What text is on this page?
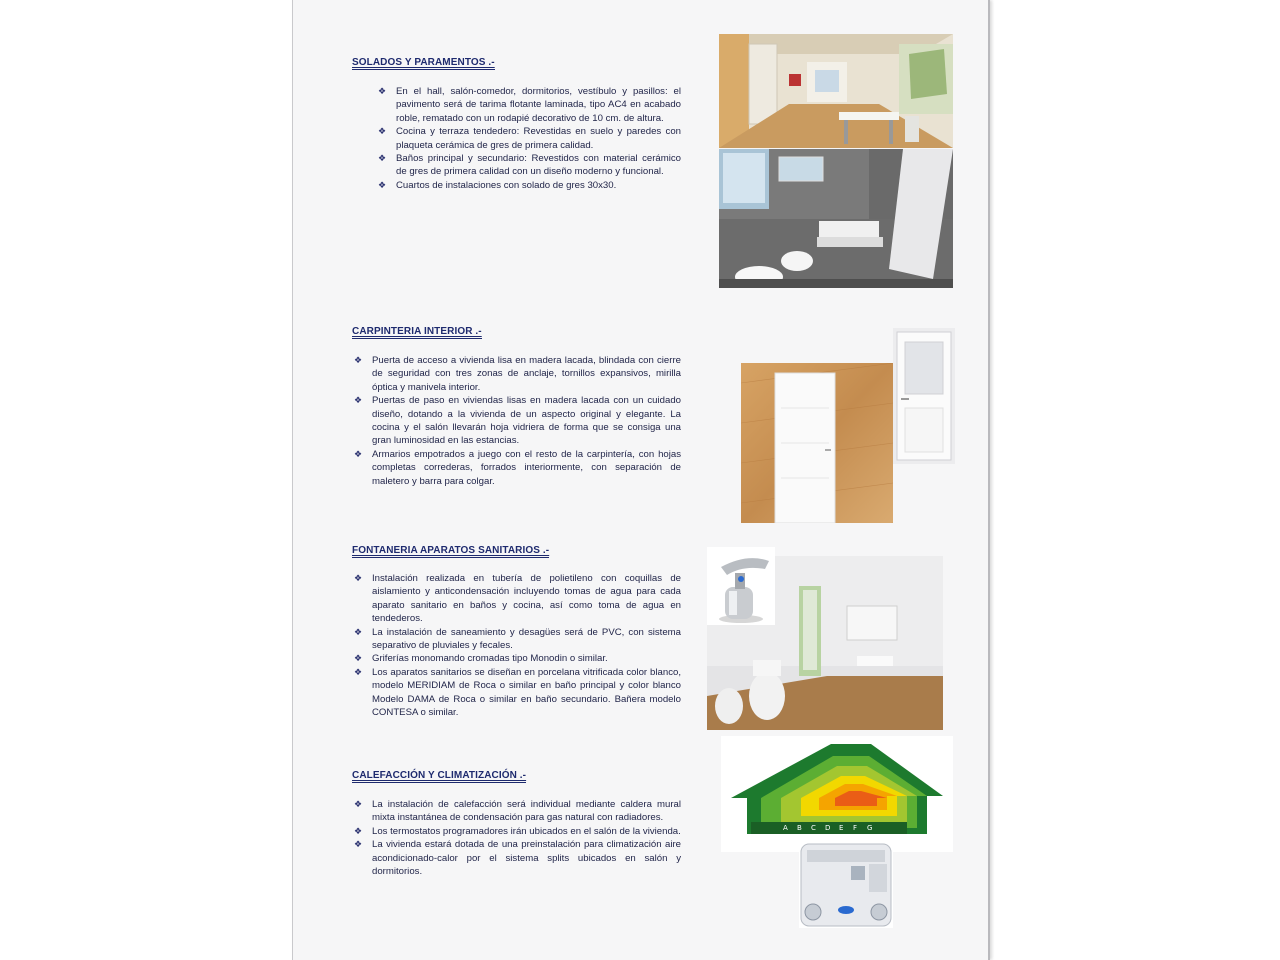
SOLADOS Y PARAMENTOS .-
❖ En el hall, salón-comedor, dormitorios, vestíbulo y pasillos: el pavimento será de tarima flotante laminada, tipo AC4 en acabado roble, rematado con un rodapié decorativo de 10 cm. de altura.
❖ Cocina y terraza tendedero: Revestidas en suelo y paredes con plaqueta cerámica de gres de primera calidad.
❖ Baños principal y secundario: Revestidos con material cerámico de gres de primera calidad con un diseño moderno y funcional.
❖ Cuartos de instalaciones con solado de gres 30x30.
CARPINTERIA INTERIOR .-
❖ Puerta de acceso a vivienda lisa en madera lacada, blindada con cierre de seguridad con tres zonas de anclaje, tornillos expansivos, mirilla óptica y manivela interior.
❖ Puertas de paso en viviendas lisas en madera lacada con un cuidado diseño, dotando a la vivienda de un aspecto original y elegante. La cocina y el salón llevarán hoja vidriera de forma que se consiga una gran luminosidad en las estancias.
❖ Armarios empotrados a juego con el resto de la carpintería, con hojas completas correderas, forrados interiormente, con separación de maletero y barra para colgar.
FONTANERIA APARATOS SANITARIOS .-
❖ Instalación realizada en tubería de polietileno con coquillas de aislamiento y anticondensación incluyendo tomas de agua para cada aparato sanitario en baños y cocina, así como toma de agua en tendederos.
❖ La instalación de saneamiento y desagües será de PVC, con sistema separativo de pluviales y fecales.
❖ Griferías monomando cromadas tipo Monodin o similar.
❖ Los aparatos sanitarios se diseñan en porcelana vitrificada color blanco, modelo MERIDIAM de Roca o similar en baño principal y color blanco Modelo DAMA de Roca o similar en baño secundario. Bañera modelo CONTESA o similar.
CALEFACCIÓN Y CLIMATIZACIÓN .-
❖ La instalación de calefacción será individual mediante caldera mural mixta instantánea de condensación para gas natural con radiadores.
❖ Los termostatos programadores irán ubicados en el salón de la vivienda.
❖ La vivienda estará dotada de una preinstalación para climatización aire acondicionado-calor por el sistema splits ubicados en salón y dormitorios.
A B C D E F G
